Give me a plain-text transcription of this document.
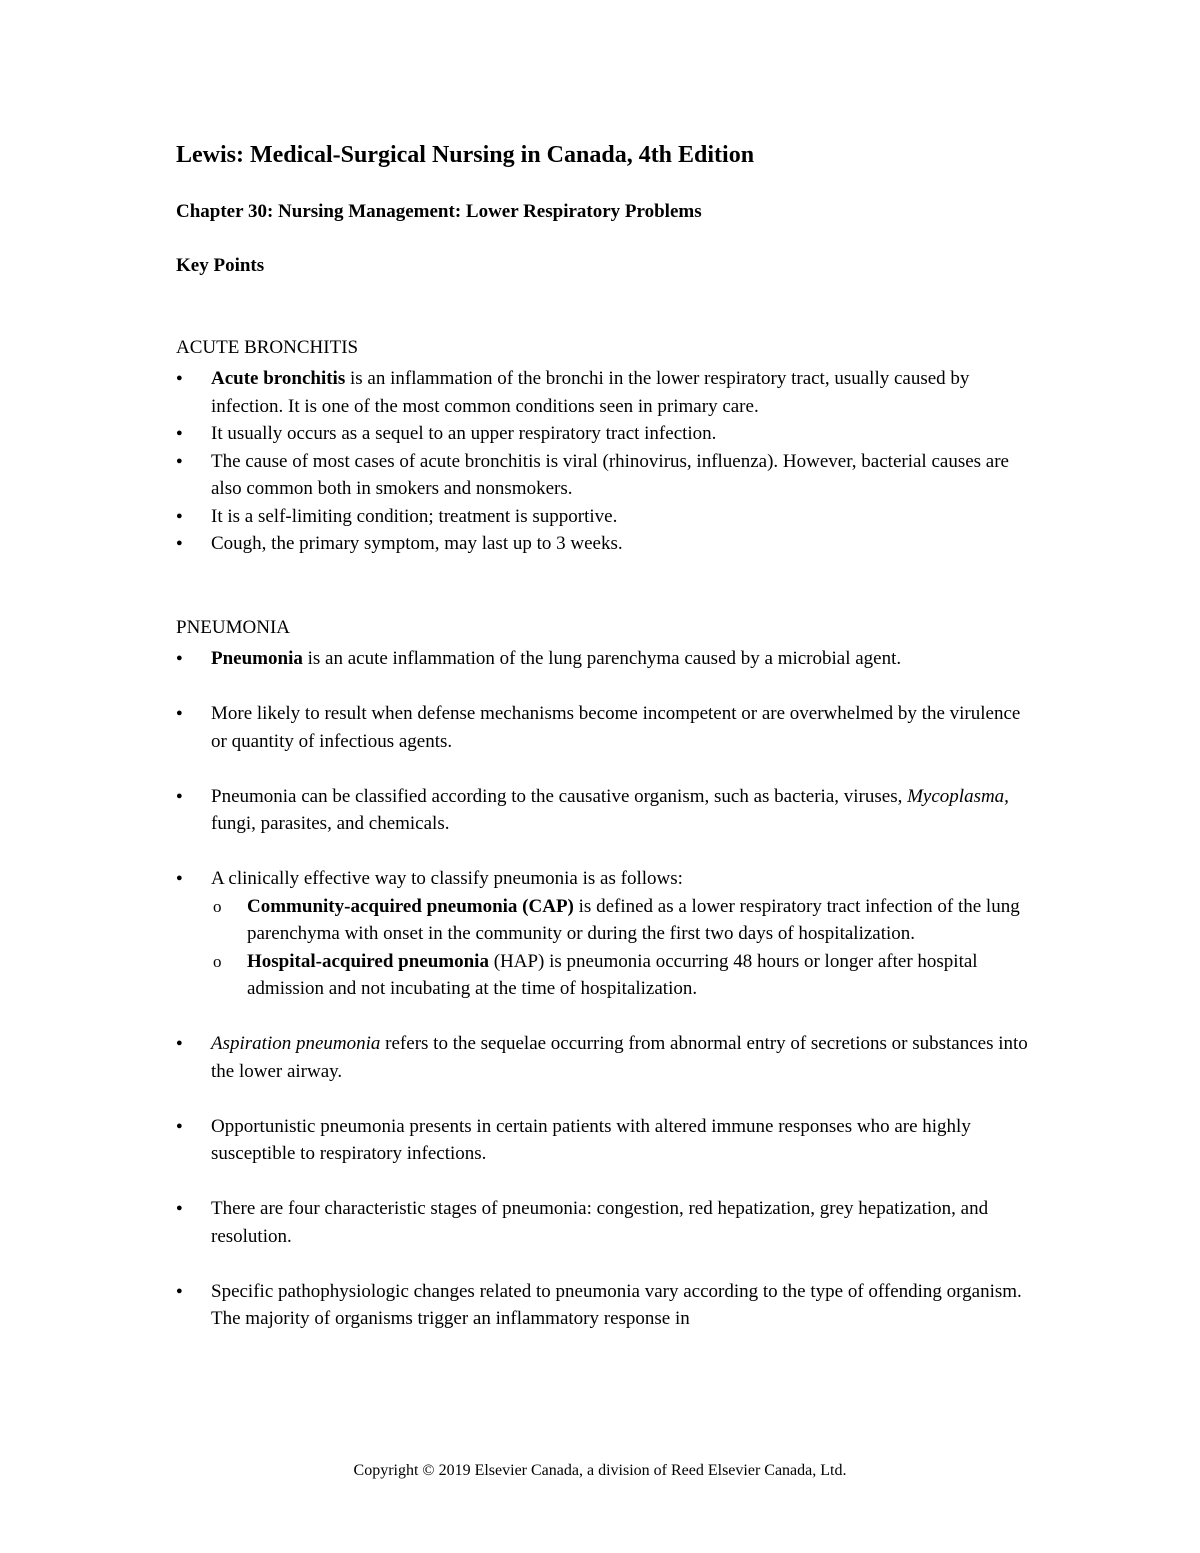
Lewis: Medical-Surgical Nursing in Canada, 4th Edition
Chapter 30: Nursing Management: Lower Respiratory Problems
Key Points
ACUTE BRONCHITIS
● Acute bronchitis is an inflammation of the bronchi in the lower respiratory tract, usually caused by infection. It is one of the most common conditions seen in primary care.
● It usually occurs as a sequel to an upper respiratory tract infection.
● The cause of most cases of acute bronchitis is viral (rhinovirus, influenza). However, bacterial causes are also common both in smokers and nonsmokers.
● It is a self-limiting condition; treatment is supportive.
● Cough, the primary symptom, may last up to 3 weeks.
PNEUMONIA
● Pneumonia is an acute inflammation of the lung parenchyma caused by a microbial agent.
● More likely to result when defense mechanisms become incompetent or are overwhelmed by the virulence or quantity of infectious agents.
● Pneumonia can be classified according to the causative organism, such as bacteria, viruses, Mycoplasma, fungi, parasites, and chemicals.
● A clinically effective way to classify pneumonia is as follows:
o Community-acquired pneumonia (CAP) is defined as a lower respiratory tract infection of the lung parenchyma with onset in the community or during the first two days of hospitalization.
o Hospital-acquired pneumonia (HAP) is pneumonia occurring 48 hours or longer after hospital admission and not incubating at the time of hospitalization.
● Aspiration pneumonia refers to the sequelae occurring from abnormal entry of secretions or substances into the lower airway.
● Opportunistic pneumonia presents in certain patients with altered immune responses who are highly susceptible to respiratory infections.
● There are four characteristic stages of pneumonia: congestion, red hepatization, grey hepatization, and resolution.
● Specific pathophysiologic changes related to pneumonia vary according to the type of offending organism. The majority of organisms trigger an inflammatory response in

Copyright © 2019 Elsevier Canada, a division of Reed Elsevier Canada, Ltd.
